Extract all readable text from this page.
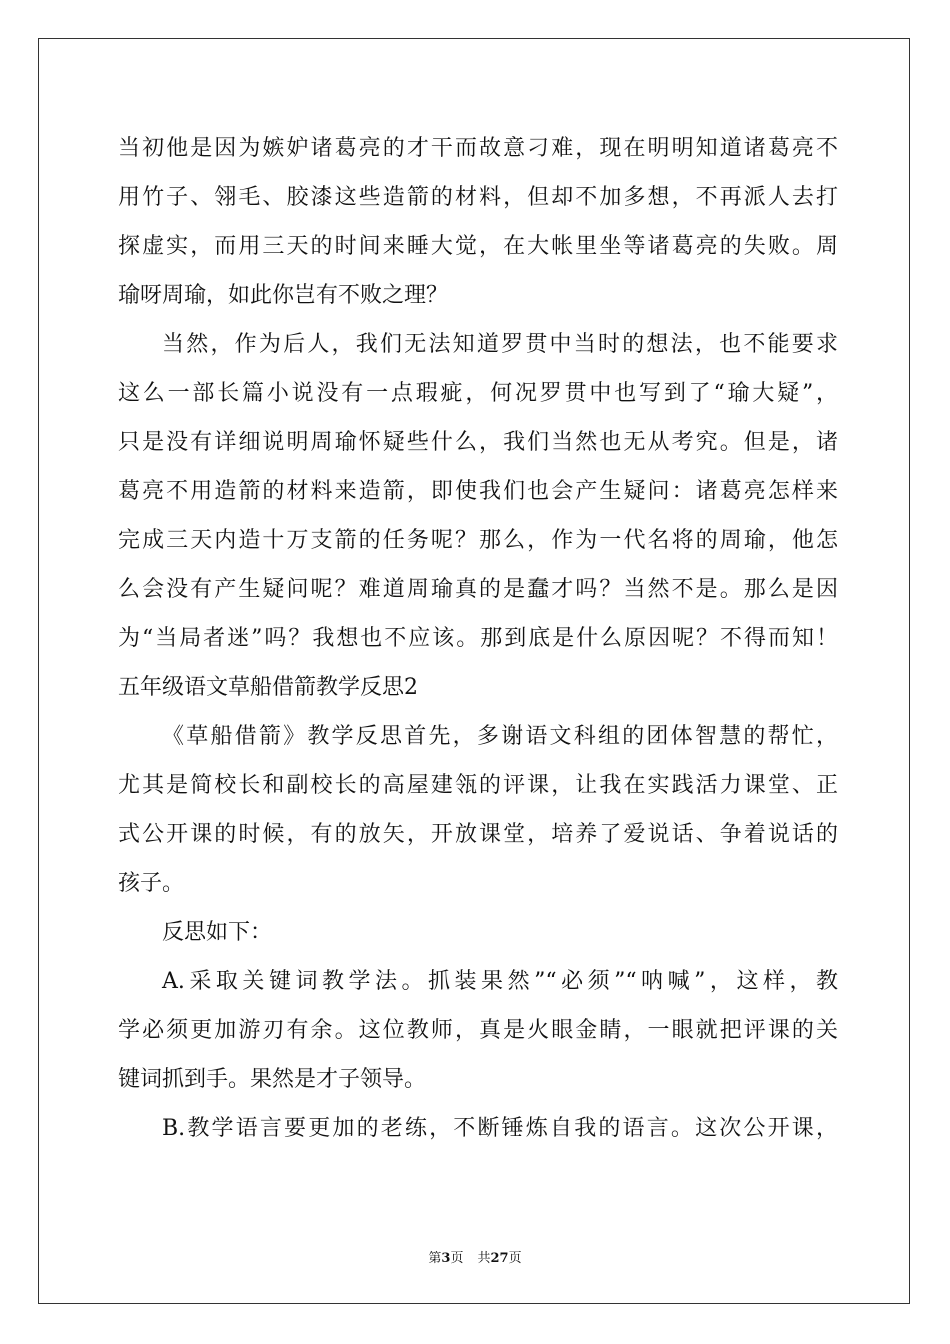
当初他是因为嫉妒诸葛亮的才干而故意刁难，现在明明知道诸葛亮不
用竹子、翎毛、胶漆这些造箭的材料，但却不加多想，不再派人去打
探虚实，而用三天的时间来睡大觉，在大帐里坐等诸葛亮的失败。周
瑜呀周瑜，如此你岂有不败之理？
当然，作为后人，我们无法知道罗贯中当时的想法，也不能要求
这么一部长篇小说没有一点瑕疵，何况罗贯中也写到了“瑜大疑”，
只是没有详细说明周瑜怀疑些什么，我们当然也无从考究。但是，诸
葛亮不用造箭的材料来造箭，即使我们也会产生疑问：诸葛亮怎样来
完成三天内造十万支箭的任务呢？那么，作为一代名将的周瑜，他怎
么会没有产生疑问呢？难道周瑜真的是蠢才吗？当然不是。那么是因
为“当局者迷”吗？我想也不应该。那到底是什么原因呢？不得而知！
五年级语文草船借箭教学反思2
《草船借箭》教学反思首先，多谢语文科组的团体智慧的帮忙，
尤其是简校长和副校长的高屋建瓴的评课，让我在实践活力课堂、正
式公开课的时候，有的放矢，开放课堂，培养了爱说话、争着说话的
孩子。
反思如下：
A.采取关键词教学法。抓装果然”“必须”“呐喊”，这样，教
学必须更加游刃有余。这位教师，真是火眼金睛，一眼就把评课的关
键词抓到手。果然是才子领导。
B.教学语言要更加的老练，不断锤炼自我的语言。这次公开课，
第3页 共27页
